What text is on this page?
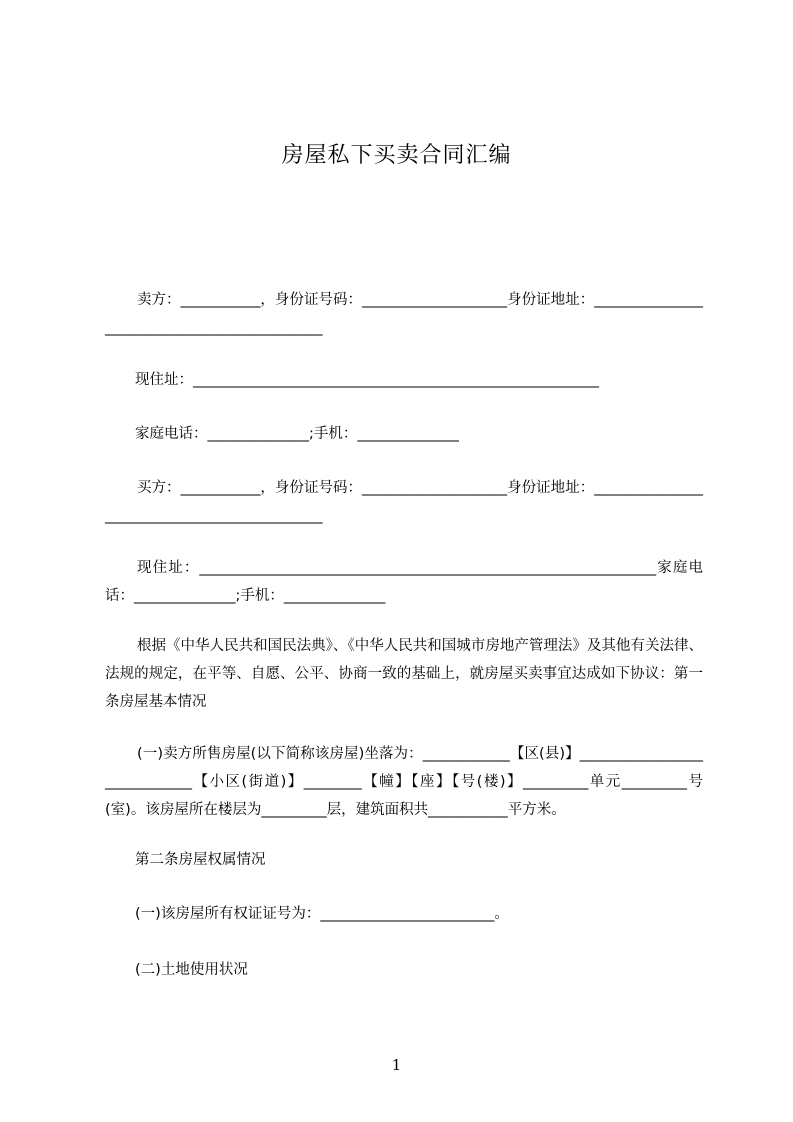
房屋私下买卖合同汇编

卖方：___________，身份证号码：____________________身份证地址：_____________________________________________

现住址：________________________________________________________

家庭电话：______________;手机：______________

买方：___________，身份证号码：____________________身份证地址：_____________________________________________

现住址：_______________________________________________________________家庭电话：______________;手机：______________

根据《中华人民共和国民法典》、《中华人民共和国城市房地产管理法》及其他有关法律、法规的规定，在平等、自愿、公平、协商一致的基础上，就房屋买卖事宜达成如下协议：第一条房屋基本情况

(一)卖方所售房屋(以下简称该房屋)坐落为：____________【区(县)】_____________________________【小区(街道)】________【幢】【座】【号(楼)】_________单元_________号(室)。该房屋所在楼层为_________层，建筑面积共___________平方米。

第二条房屋权属情况

(一)该房屋所有权证证号为：________________________。

(二)土地使用状况

1
